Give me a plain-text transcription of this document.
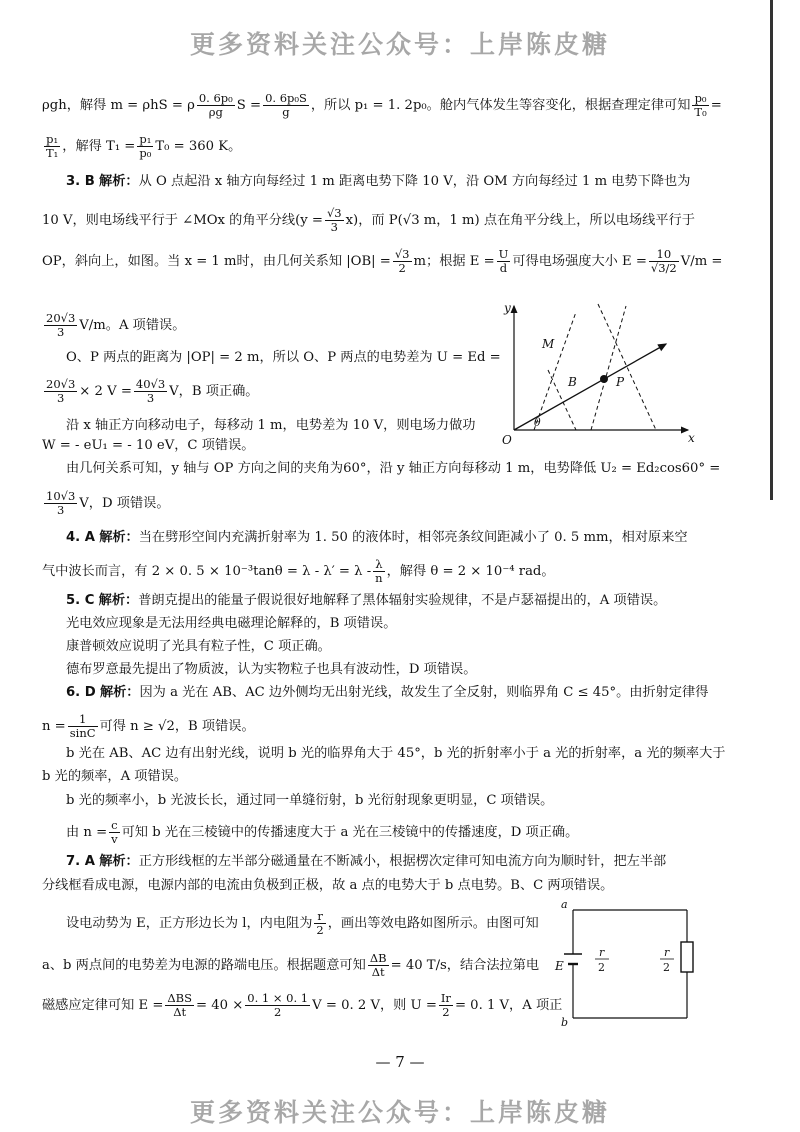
更多资料关注公众号：上岸陈皮糖
ρgh，解得 m = ρhS = ρ $\frac{\text{0. 6p₀}}{\rho g}$ $S = \frac{\text{0. 6p₀S}}{g}$ ，所以 p₁ = 1. 2p₀。舱内气体发生等容变化，根据查理定律可知 $\frac{\text{p₀}}{\text{T₀}}$ =
$\frac{\text{p₁}}{\text{T₁}}$ ，解得 $T_1 = \frac{\text{p₁}}{\text{p₀}} T_0 = 360$ K。
3. B 解析：从 O 点起沿 x 轴方向每经过 1 m 距离电势下降 10 V，沿 OM 方向每经过 1 m 电势下降也为
10 V，则电场线平行于 ∠MOx 的角平分线$(y = \frac{√3}{3} x)$，而 P(√3 m，1 m) 点在角平分线上，所以电场线平行于
OP，斜向上，如图。当 x = 1 m时，由几何关系知 $|OB| = \frac{√3}{2}$ m；根据 $E = \frac{U}{d}$ 可得电场强度大小 $E = \frac{10}{√3/2} V/m$ =
$\frac{20√3}{3} V/m$。A 项错误。
O、P 两点的距离为 |OP| = 2 m，所以 O、P 两点的电势差为 U = Ed =
$\frac{20√3}{3} \times 2$ $V = \frac{40√3}{3}$ V，B 项正确。
沿 x 轴正方向移动电子，每移动 1 m，电势差为 10 V，则电场力做功
W = - eU₁ = - 10 eV，C 项错误。
由几何关系可知，y 轴与 OP 方向之间的夹角为60°，沿 y 轴正方向每移动 1 m，电势降低 U₂ = Ed₂cos60° =
$\frac{10√3}{3}$ V，D 项错误。
y
x
O
M
B	P
θ
4. A 解析：当在劈形空间内充满折射率为 1. 50 的液体时，相邻亮条纹间距减小了 0. 5 mm，相对原来空
气中波长而言，有 2 × 0. $5 \times 10^{-3}\tan\theta = \lambda - \lambda' = \lambda - \frac{\lambda}{n}$ ，解得 θ = 2 × 10⁻⁴ rad。
5. C 解析：普朗克提出的能量子假说很好地解释了黑体辐射实验规律，不是卢瑟福提出的，A 项错误。
光电效应现象是无法用经典电磁理论解释的，B 项错误。
康普顿效应说明了光具有粒子性，C 项正确。
德布罗意最先提出了物质波，认为实物粒子也具有波动性，D 项错误。
6. D 解析：因为 a 光在 AB、AC 边外侧均无出射光线，故发生了全反射，则临界角 C ≤ 45°。由折射定律得
$n = \frac{1}{\sin C}$ 可得 n ≥ √2，B 项错误。
b 光在 AB、AC 边有出射光线，说明 b 光的临界角大于 45°，b 光的折射率小于 a 光的折射率，a 光的频率大于
b 光的频率，A 项错误。
b 光的频率小，b 光波长长，通过同一单缝衍射，b 光衍射现象更明显，C 项错误。
由 $n = \frac{c}{v}$ 可知 b 光在三棱镜中的传播速度大于 a 光在三棱镜中的传播速度，D 项正确。
7. A 解析：正方形线框的左半部分磁通量在不断减小，根据楞次定律可知电流方向为顺时针，把左半部
分线框看成电源，电源内部的电流由负极到正极，故 a 点的电势大于 b 点电势。B、C 两项错误。
设电动势为 E，正方形边长为 l，内电阻为 $\frac{r}{2}$ ，画出等效电路如图所示。由图可知
a、b 两点间的电势差为电源的路端电压。根据题意可知 $\frac{\Delta B}{\Delta t} = 40$ T/s，结合法拉第电
磁感应定律可知 $E = \frac{\text{ΔBS}}{\Delta t} = 40 \times \frac{0. 1 \times 0. 1}{2}$ V = 0. 2 V，则 $U = \frac{Ir}{2} = 0$. 1 V，A 项正
a
b
E
r
2
r
2
— 7 —
更多资料关注公众号：上岸陈皮糖
